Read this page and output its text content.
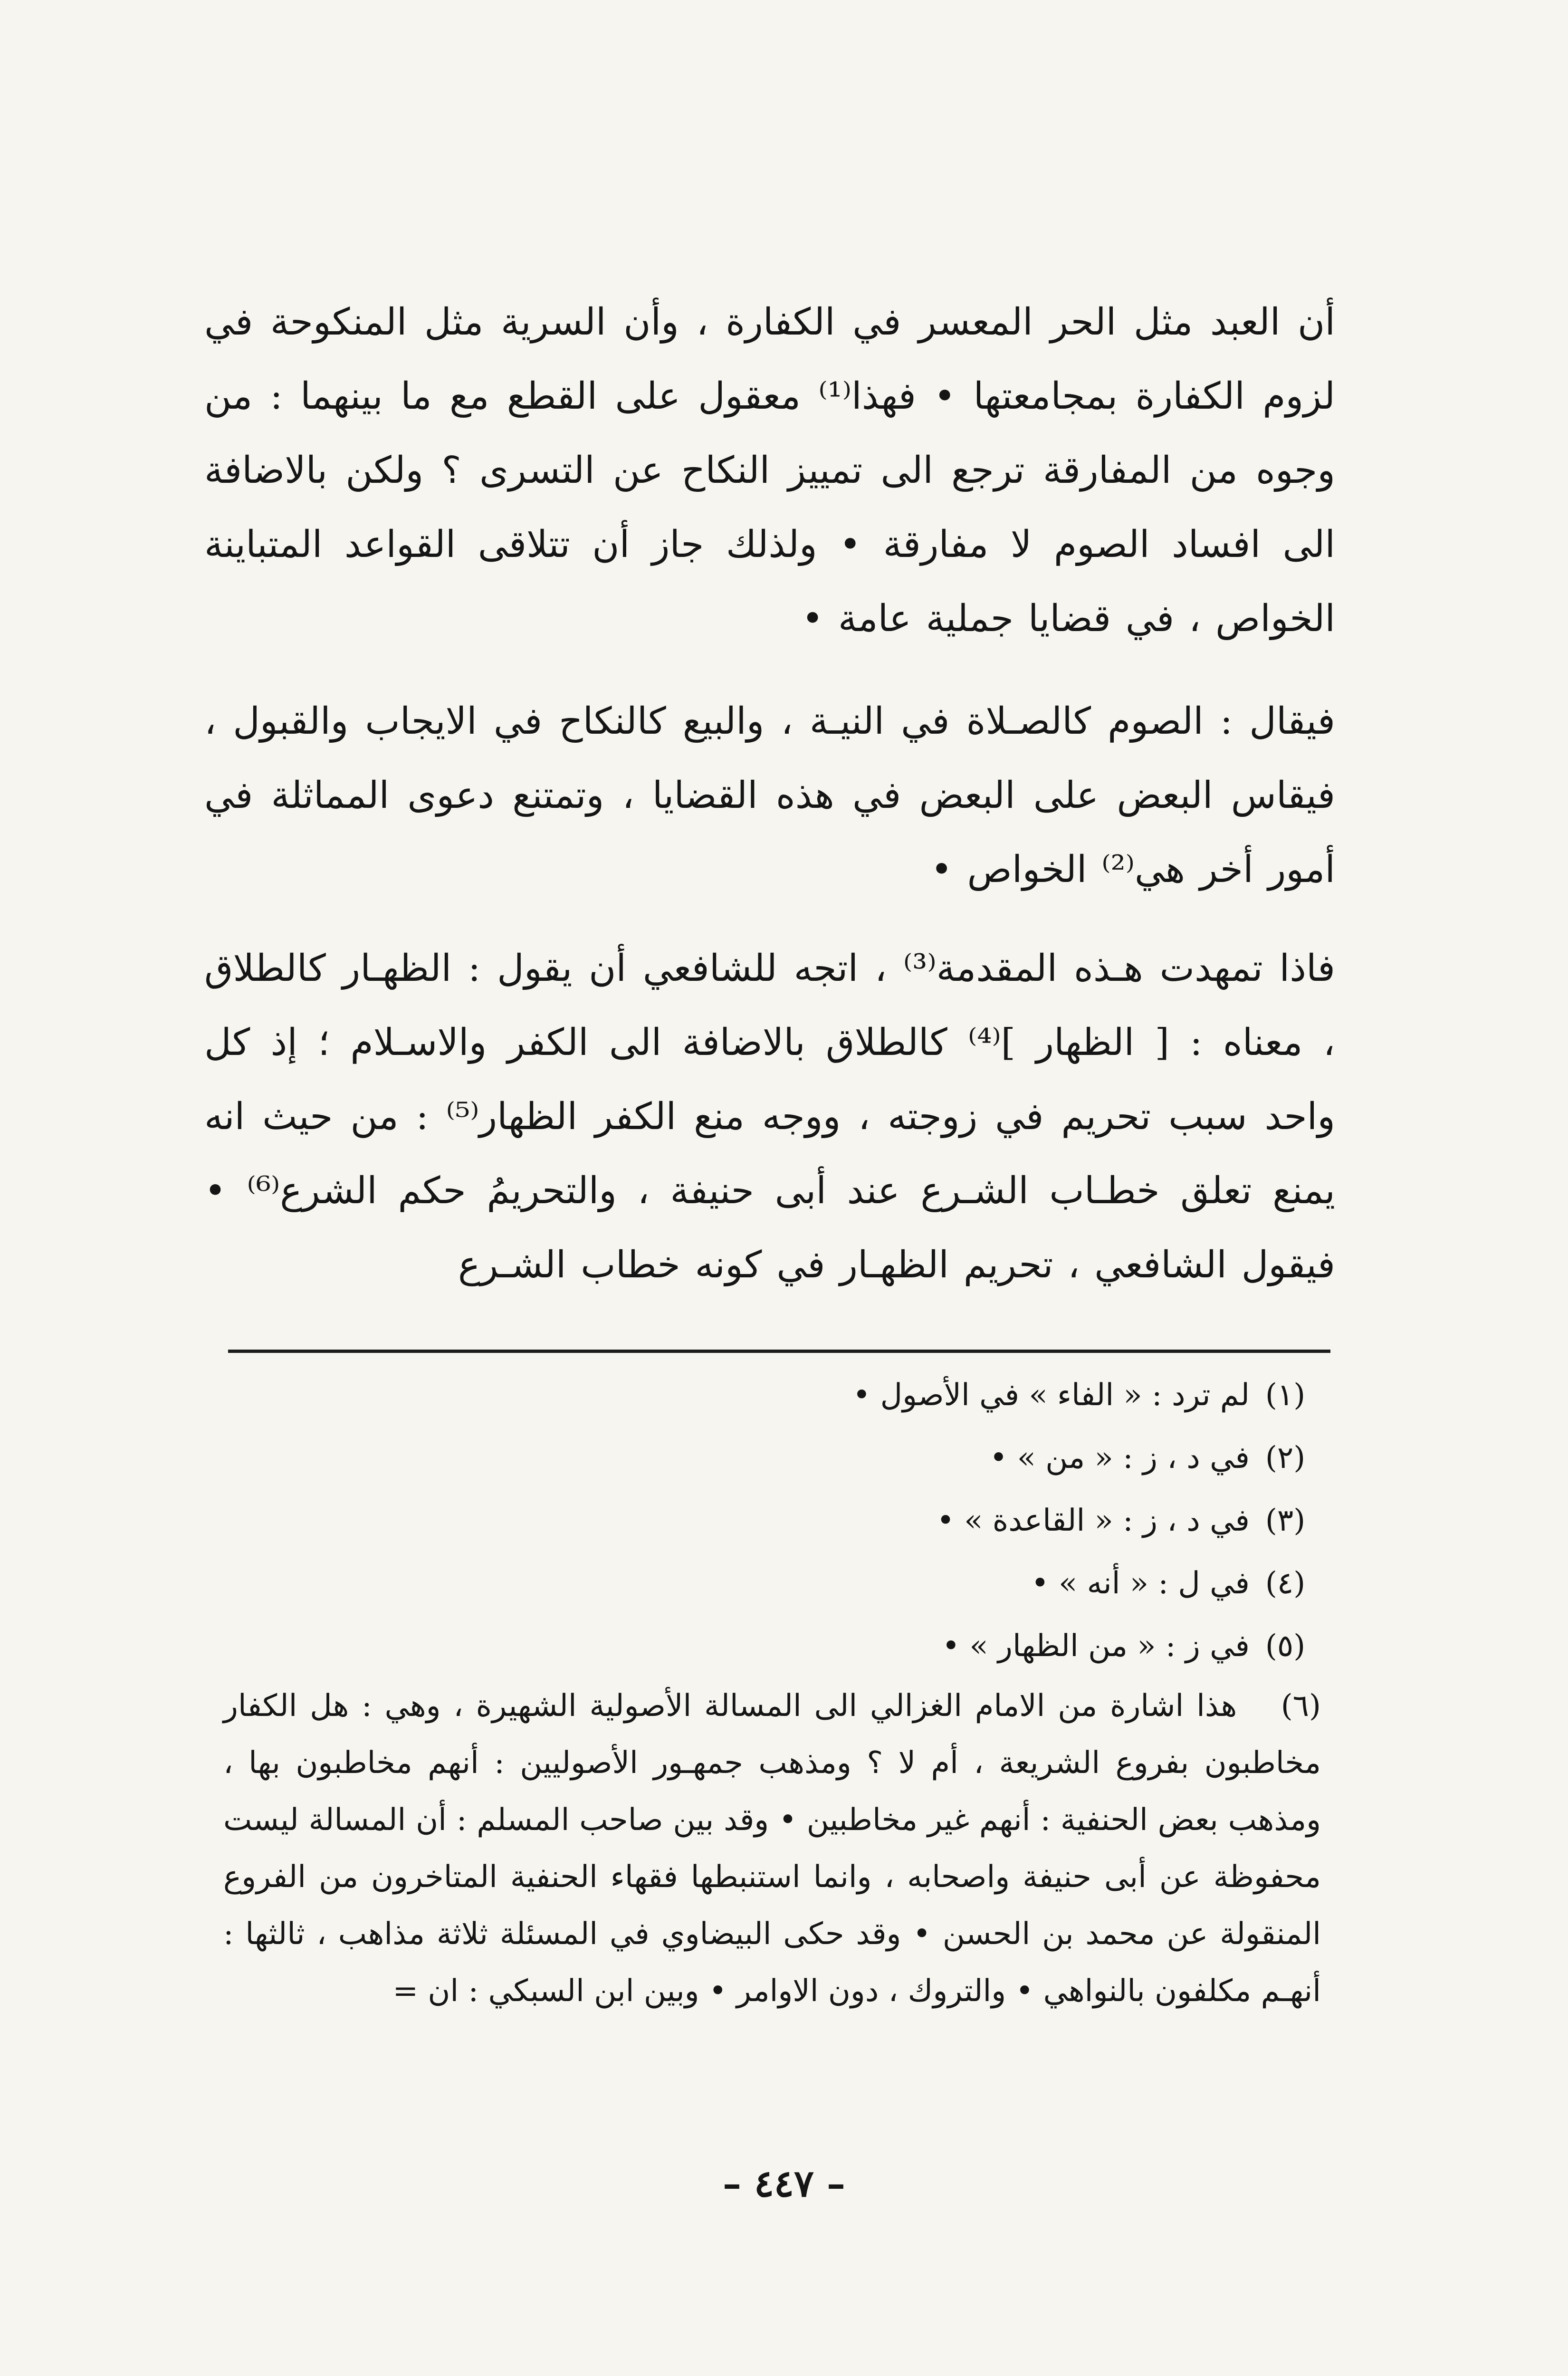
أن العبد مثل الحر المعسر في الكفارة ، وأن السرية مثل المنكوحة في لزوم الكفارة بمجامعتها • فهذا⁽¹⁾ معقول على القطع مع ما بينهما : من وجوه من المفارقة ترجع الى تمييز النكاح عن التسرى ؟ ولكن بالاضافة الى افساد الصوم لا مفارقة • ولذلك جاز أن تتلاقى القواعد المتباينة الخواص ، في قضايا جملية عامة •

فيقال : الصوم كالصـلاة في النيـة ، والبيع كالنكاح في الايجاب والقبول ، فيقاس البعض على البعض في هذه القضايا ، وتمتنع دعوى المماثلة في أمور أخر هي⁽²⁾ الخواص •

فاذا تمهدت هـذه المقدمة⁽³⁾ ، اتجه للشافعي أن يقول : الظهـار كالطلاق ، معناه : [ الظهار ]⁽⁴⁾ كالطلاق بالاضافة الى الكفر والاسـلام ؛ إذ كل واحد سبب تحريم في زوجته ، ووجه منع الكفر الظهار⁽⁵⁾ : من حيث انه يمنع تعلق خطـاب الشـرع عند أبى حنيفة ، والتحريمُ حكم الشرع⁽⁶⁾ • فيقول الشافعي ، تحريم الظهـار في كونه خطاب الشـرع

(١)
لم ترد : « الفاء » في الأصول •
(٢)
في د ، ز : « من » •
(٣)
في د ، ز : « القاعدة » •
(٤)
في ل : « أنه » •
(٥)
في ز : « من الظهار » •

(٦) هذا اشارة من الامام الغزالي الى المسالة الأصولية الشهيرة ، وهي : هل الكفار مخاطبون بفروع الشريعة ، أم لا ؟ ومذهب جمهـور الأصوليين : أنهم مخاطبون بها ، ومذهب بعض الحنفية : أنهم غير مخاطبين • وقد بين صاحب المسلم : أن المسالة ليست محفوظة عن أبى حنيفة واصحابه ، وانما استنبطها فقهاء الحنفية المتاخرون من الفروع المنقولة عن محمد بن الحسن • وقد حكى البيضاوي في المسئلة ثلاثة مذاهب ، ثالثها : أنهـم مكلفون بالنواهي • والتروك ، دون الاوامر • وبين ابن السبكي : ان =

– ٤٤٧ –
